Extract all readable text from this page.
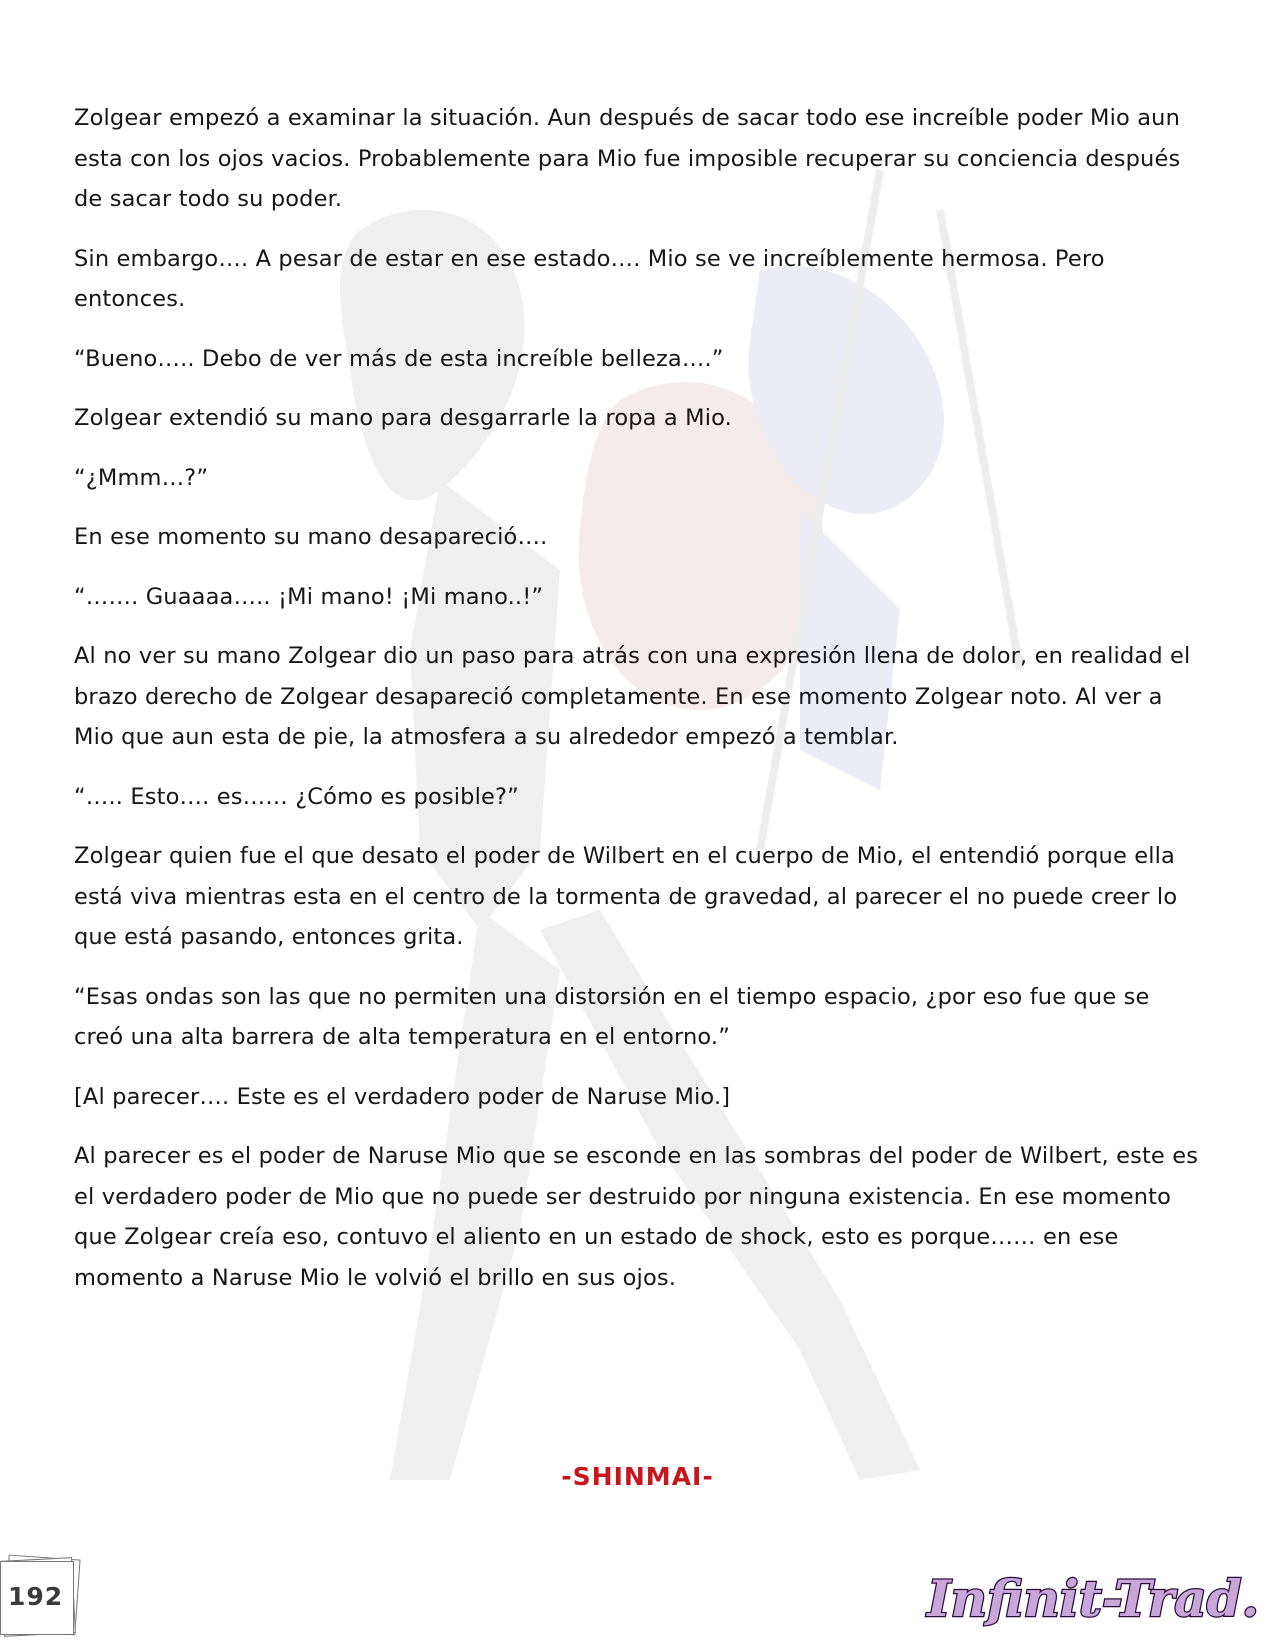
Zolgear empezó a examinar la situación. Aun después de sacar todo ese increíble poder Mio aun esta con los ojos vacios. Probablemente para Mio fue imposible recuperar su conciencia después de sacar todo su poder.

Sin embargo…. A pesar de estar en ese estado…. Mio se ve increíblemente hermosa. Pero entonces.

“Bueno….. Debo de ver más de esta increíble belleza….”

Zolgear extendió su mano para desgarrarle la ropa a Mio.

“¿Mmm…?”

En ese momento su mano desapareció….

“……. Guaaaa….. ¡Mi mano! ¡Mi mano..!”

Al no ver su mano Zolgear dio un paso para atrás con una expresión llena de dolor, en realidad el brazo derecho de Zolgear desapareció completamente. En ese momento Zolgear noto. Al ver a Mio que aun esta de pie, la atmosfera a su alrededor empezó a temblar.

“….. Esto…. es…… ¿Cómo es posible?”

Zolgear quien fue el que desato el poder de Wilbert en el cuerpo de Mio, el entendió porque ella está viva mientras esta en el centro de la tormenta de gravedad, al parecer el no puede creer lo que está pasando, entonces grita.

“Esas ondas son las que no permiten una distorsión en el tiempo espacio, ¿por eso fue que se creó una alta barrera de alta temperatura en el entorno.”

[Al parecer…. Este es el verdadero poder de Naruse Mio.]

Al parecer es el poder de Naruse Mio que se esconde en las sombras del poder de Wilbert, este es el verdadero poder de Mio que no puede ser destruido por ninguna existencia. En ese momento que Zolgear creía eso, contuvo el aliento en un estado de shock, esto es porque…… en ese momento a Naruse Mio le volvió el brillo en sus ojos.

-SHINMAI-
192	Infinit-Trad.
